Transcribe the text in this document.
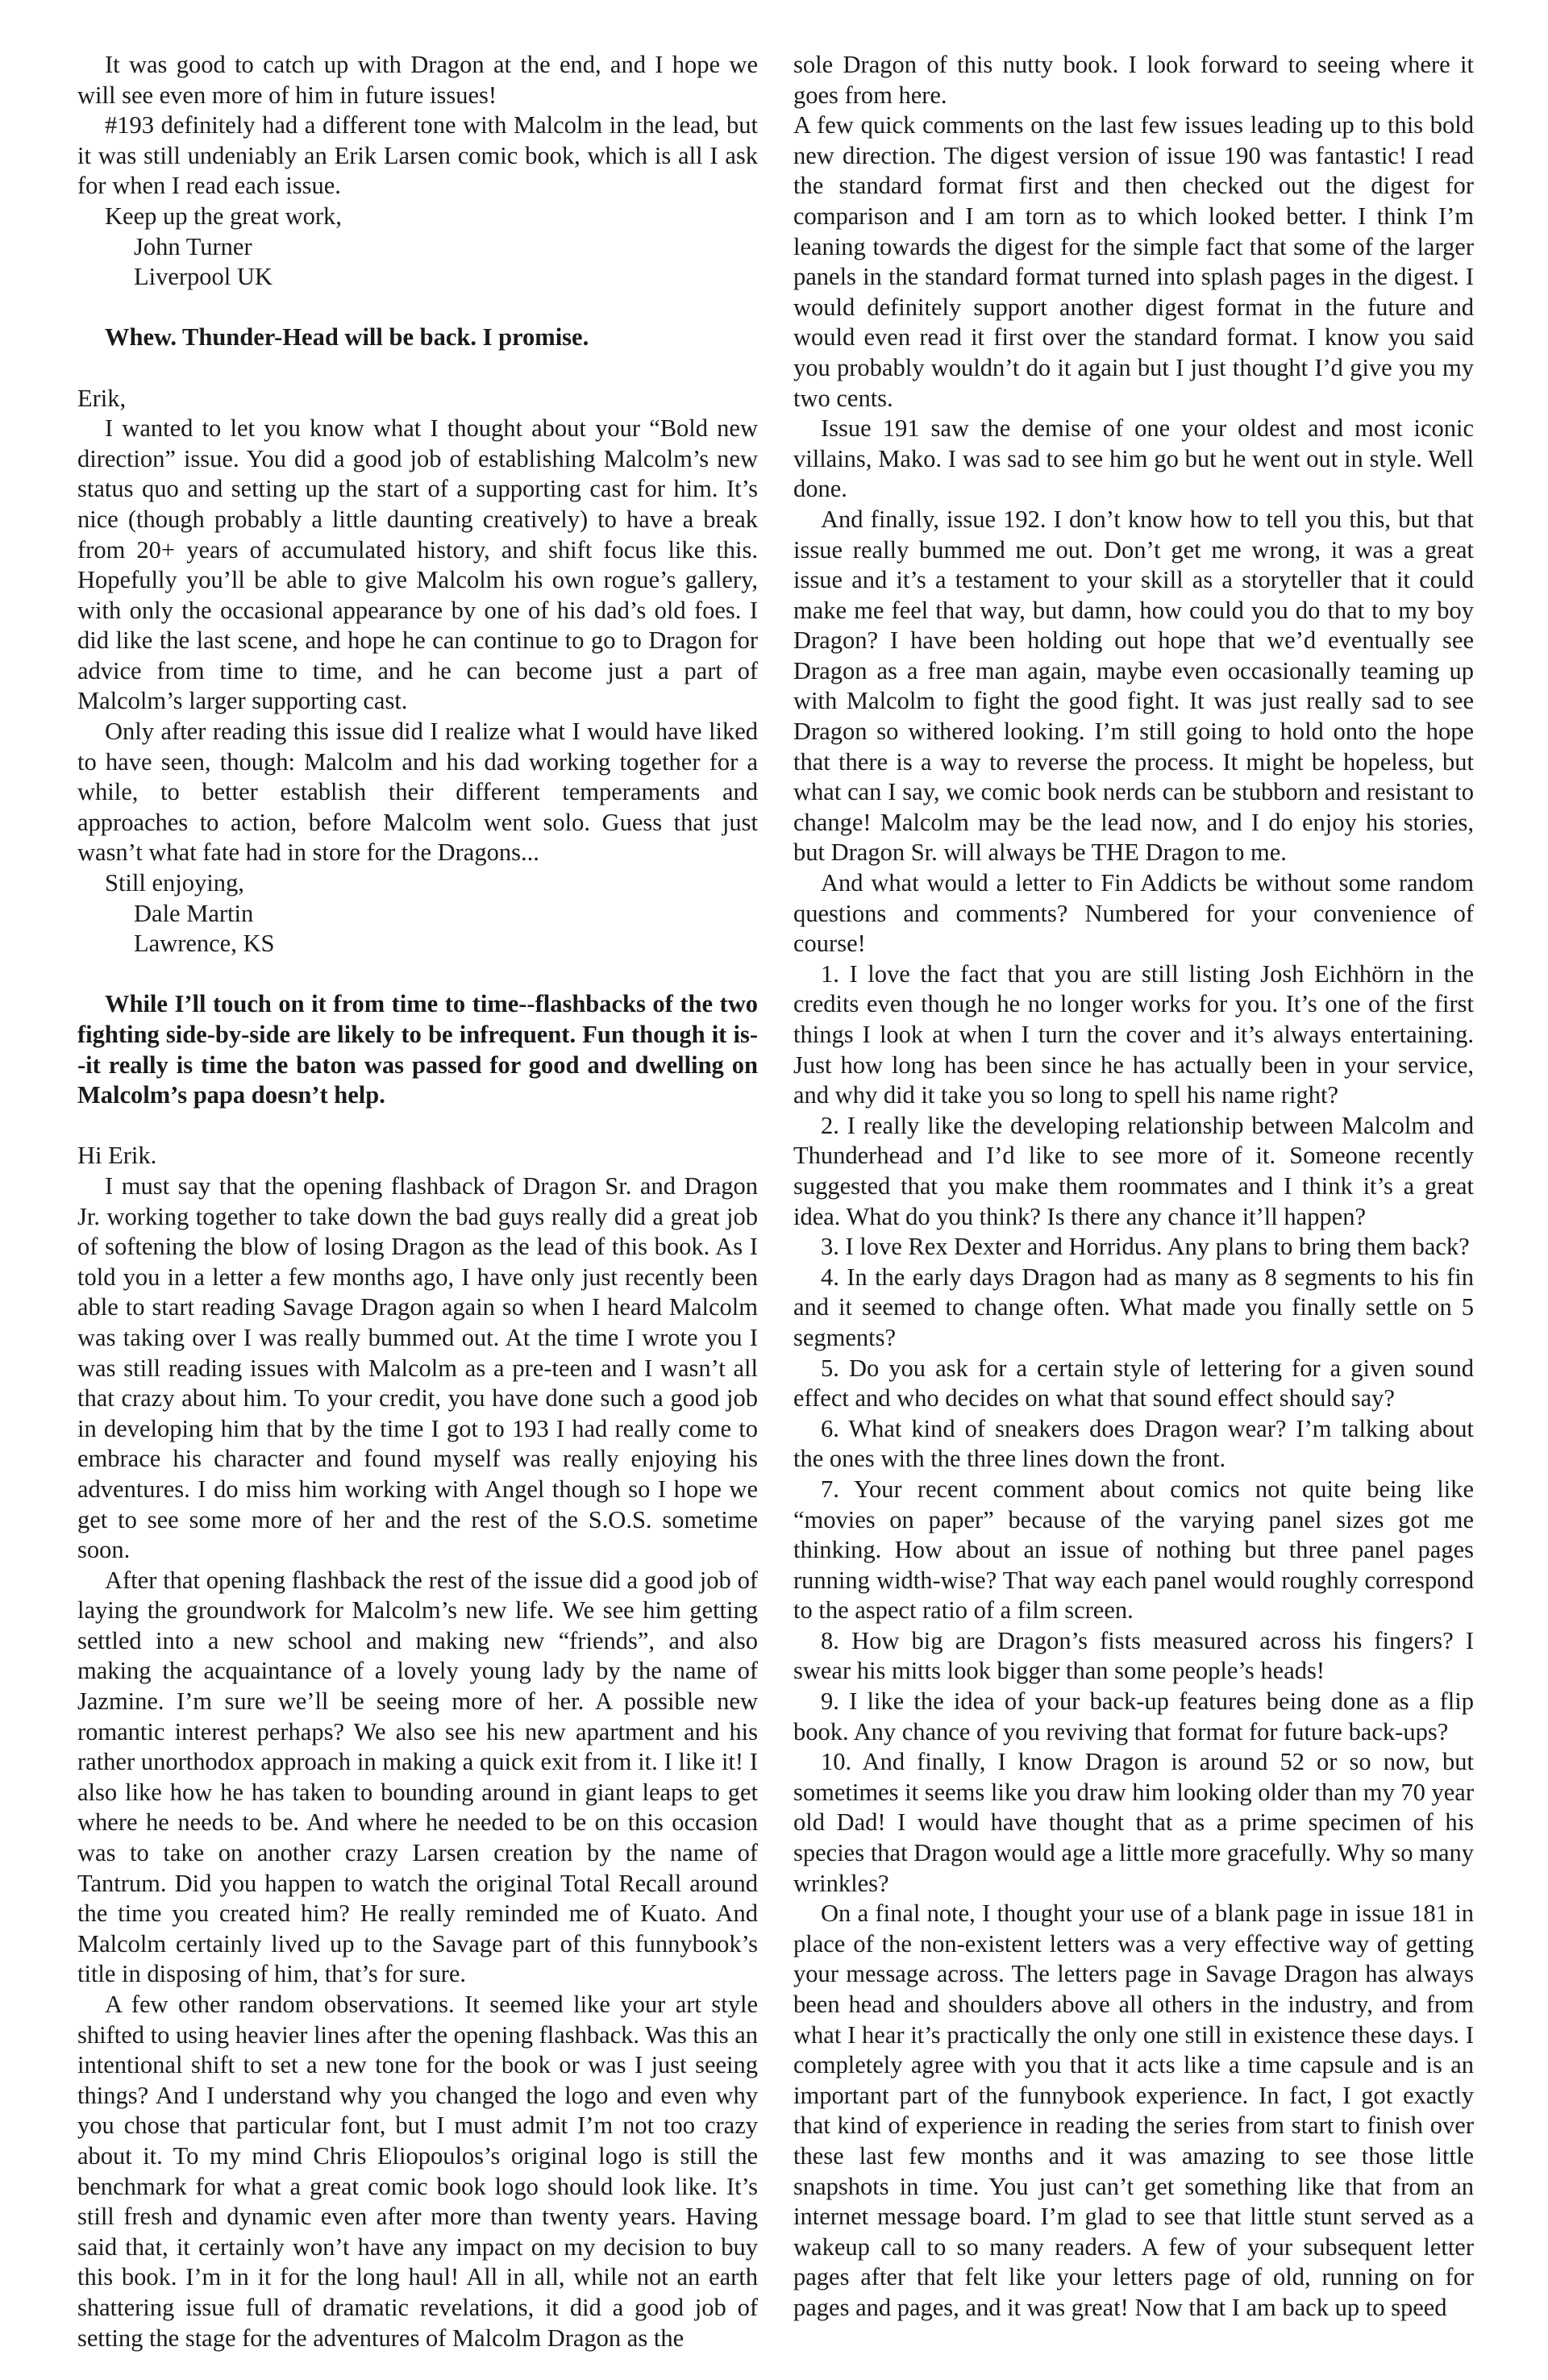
It was good to catch up with Dragon at the end, and I hope we will see even more of him in future issues!

#193 definitely had a different tone with Malcolm in the lead, but it was still undeniably an Erik Larsen comic book, which is all I ask for when I read each issue.

Keep up the great work,
John Turner
Liverpool UK

Whew. Thunder-Head will be back. I promise.

Erik,

I wanted to let you know what I thought about your “Bold new direction” issue. You did a good job of establishing Malcolm’s new status quo and setting up the start of a supporting cast for him. It’s nice (though probably a little daunting creatively) to have a break from 20+ years of accumulated history, and shift focus like this. Hopefully you’ll be able to give Malcolm his own rogue’s gallery, with only the occasional appearance by one of his dad’s old foes. I did like the last scene, and hope he can continue to go to Dragon for advice from time to time, and he can become just a part of Malcolm’s larger supporting cast.

Only after reading this issue did I realize what I would have liked to have seen, though: Malcolm and his dad working together for a while, to better establish their different temperaments and approaches to action, before Malcolm went solo. Guess that just wasn’t what fate had in store for the Dragons...

Still enjoying,
Dale Martin
Lawrence, KS

While I’ll touch on it from time to time--flashbacks of the two fighting side-by-side are likely to be infrequent. Fun though it is--it really is time the baton was passed for good and dwelling on Malcolm’s papa doesn’t help.

Hi Erik.

I must say that the opening flashback of Dragon Sr. and Dragon Jr. working together to take down the bad guys really did a great job of softening the blow of losing Dragon as the lead of this book. As I told you in a letter a few months ago, I have only just recently been able to start reading Savage Dragon again so when I heard Malcolm was taking over I was really bummed out. At the time I wrote you I was still reading issues with Malcolm as a pre-teen and I wasn’t all that crazy about him. To your credit, you have done such a good job in developing him that by the time I got to 193 I had really come to embrace his character and found myself was really enjoying his adventures. I do miss him working with Angel though so I hope we get to see some more of her and the rest of the S.O.S. sometime soon.

After that opening flashback the rest of the issue did a good job of laying the groundwork for Malcolm’s new life. We see him getting settled into a new school and making new “friends”, and also making the acquaintance of a lovely young lady by the name of Jazmine. I’m sure we’ll be seeing more of her. A possible new romantic interest perhaps? We also see his new apartment and his rather unorthodox approach in making a quick exit from it. I like it! I also like how he has taken to bounding around in giant leaps to get where he needs to be. And where he needed to be on this occasion was to take on another crazy Larsen creation by the name of Tantrum. Did you happen to watch the original Total Recall around the time you created him? He really reminded me of Kuato. And Malcolm certainly lived up to the Savage part of this funnybook’s title in disposing of him, that’s for sure.

A few other random observations. It seemed like your art style shifted to using heavier lines after the opening flashback. Was this an intentional shift to set a new tone for the book or was I just seeing things? And I understand why you changed the logo and even why you chose that particular font, but I must admit I’m not too crazy about it. To my mind Chris Eliopoulos’s original logo is still the benchmark for what a great comic book logo should look like. It’s still fresh and dynamic even after more than twenty years. Having said that, it certainly won’t have any impact on my decision to buy this book. I’m in it for the long haul! All in all, while not an earth shattering issue full of dramatic revelations, it did a good job of setting the stage for the adventures of Malcolm Dragon as the

sole Dragon of this nutty book. I look forward to seeing where it goes from here.

A few quick comments on the last few issues leading up to this bold new direction. The digest version of issue 190 was fantastic! I read the standard format first and then checked out the digest for comparison and I am torn as to which looked better. I think I’m leaning towards the digest for the simple fact that some of the larger panels in the standard format turned into splash pages in the digest. I would definitely support another digest format in the future and would even read it first over the standard format. I know you said you probably wouldn’t do it again but I just thought I’d give you my two cents.

Issue 191 saw the demise of one your oldest and most iconic villains, Mako. I was sad to see him go but he went out in style. Well done.

And finally, issue 192. I don’t know how to tell you this, but that issue really bummed me out. Don’t get me wrong, it was a great issue and it’s a testament to your skill as a storyteller that it could make me feel that way, but damn, how could you do that to my boy Dragon? I have been holding out hope that we’d eventually see Dragon as a free man again, maybe even occasionally teaming up with Malcolm to fight the good fight. It was just really sad to see Dragon so withered looking. I’m still going to hold onto the hope that there is a way to reverse the process. It might be hopeless, but what can I say, we comic book nerds can be stubborn and resistant to change! Malcolm may be the lead now, and I do enjoy his stories, but Dragon Sr. will always be THE Dragon to me.

And what would a letter to Fin Addicts be without some random questions and comments? Numbered for your convenience of course!

1. I love the fact that you are still listing Josh Eichhörn in the credits even though he no longer works for you. It’s one of the first things I look at when I turn the cover and it’s always entertaining. Just how long has been since he has actually been in your service, and why did it take you so long to spell his name right?

2. I really like the developing relationship between Malcolm and Thunderhead and I’d like to see more of it. Someone recently suggested that you make them roommates and I think it’s a great idea. What do you think? Is there any chance it’ll happen?

3. I love Rex Dexter and Horridus. Any plans to bring them back?

4. In the early days Dragon had as many as 8 segments to his fin and it seemed to change often. What made you finally settle on 5 segments?

5. Do you ask for a certain style of lettering for a given sound effect and who decides on what that sound effect should say?

6. What kind of sneakers does Dragon wear? I’m talking about the ones with the three lines down the front.

7. Your recent comment about comics not quite being like “movies on paper” because of the varying panel sizes got me thinking. How about an issue of nothing but three panel pages running width-wise? That way each panel would roughly correspond to the aspect ratio of a film screen.

8. How big are Dragon’s fists measured across his fingers? I swear his mitts look bigger than some people’s heads!

9. I like the idea of your back-up features being done as a flip book. Any chance of you reviving that format for future back-ups?

10. And finally, I know Dragon is around 52 or so now, but sometimes it seems like you draw him looking older than my 70 year old Dad! I would have thought that as a prime specimen of his species that Dragon would age a little more gracefully. Why so many wrinkles?

On a final note, I thought your use of a blank page in issue 181 in place of the non-existent letters was a very effective way of getting your message across. The letters page in Savage Dragon has always been head and shoulders above all others in the industry, and from what I hear it’s practically the only one still in existence these days. I completely agree with you that it acts like a time capsule and is an important part of the funnybook experience. In fact, I got exactly that kind of experience in reading the series from start to finish over these last few months and it was amazing to see those little snapshots in time. You just can’t get something like that from an internet message board. I’m glad to see that little stunt served as a wakeup call to so many readers. A few of your subsequent letter pages after that felt like your letters page of old, running on for pages and pages, and it was great! Now that I am back up to speed
